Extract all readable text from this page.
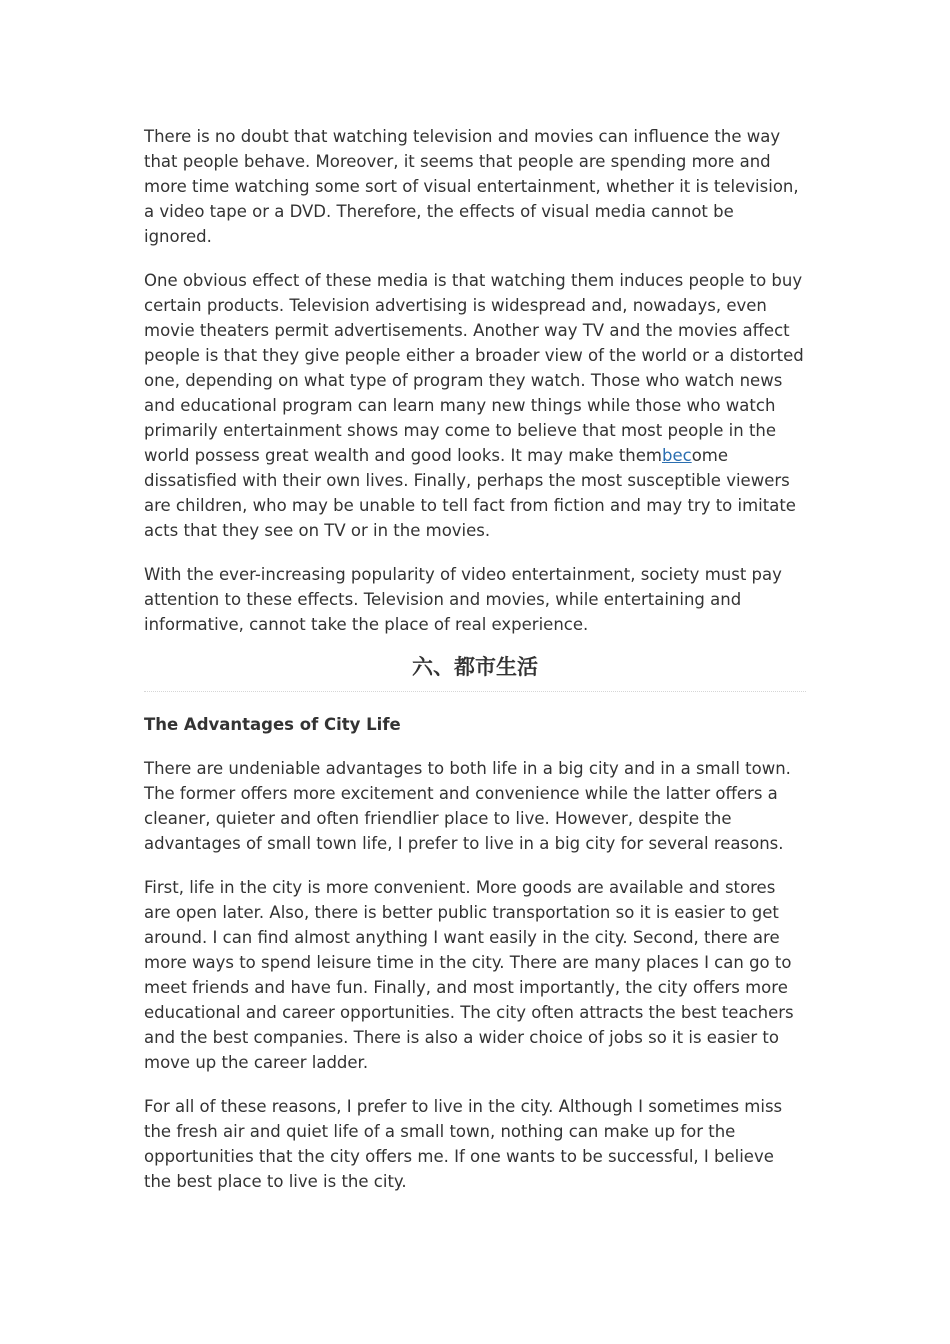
There is no doubt that watching television and movies can influence the way that people behave. Moreover, it seems that people are spending more and more time watching some sort of visual entertainment, whether it is television, a video tape or a DVD. Therefore, the effects of visual media cannot be ignored.

One obvious effect of these media is that watching them induces people to buy certain products. Television advertising is widespread and, nowadays, even movie theaters permit advertisements. Another way TV and the movies affect people is that they give people either a broader view of the world or a distorted one, depending on what type of program they watch. Those who watch news and educational program can learn many new things while those who watch primarily entertainment shows may come to believe that most people in the world possess great wealth and good looks. It may make thembecome dissatisfied with their own lives. Finally, perhaps the most susceptible viewers are children, who may be unable to tell fact from fiction and may try to imitate acts that they see on TV or in the movies.

With the ever-increasing popularity of video entertainment, society must pay attention to these effects. Television and movies, while entertaining and informative, cannot take the place of real experience.

六、都市生活

The Advantages of City Life

There are undeniable advantages to both life in a big city and in a small town. The former offers more excitement and convenience while the latter offers a cleaner, quieter and often friendlier place to live. However, despite the advantages of small town life, I prefer to live in a big city for several reasons.

First, life in the city is more convenient. More goods are available and stores are open later. Also, there is better public transportation so it is easier to get around. I can find almost anything I want easily in the city. Second, there are more ways to spend leisure time in the city. There are many places I can go to meet friends and have fun. Finally, and most importantly, the city offers more educational and career opportunities. The city often attracts the best teachers and the best companies. There is also a wider choice of jobs so it is easier to move up the career ladder.

For all of these reasons, I prefer to live in the city. Although I sometimes miss the fresh air and quiet life of a small town, nothing can make up for the opportunities that the city offers me. If one wants to be successful, I believe the best place to live is the city.
